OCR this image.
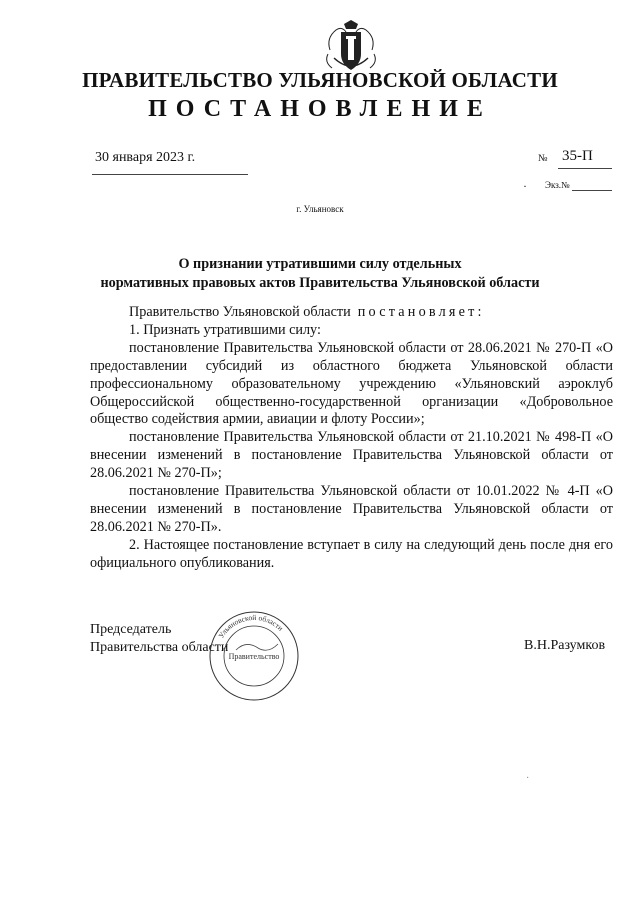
ПРАВИТЕЛЬСТВО УЛЬЯНОВСКОЙ ОБЛАСТИ
ПОСТАНОВЛЕНИЕ
30 января 2023 г.	№ 35-П
· Экз.№
г. Ульяновск
О признании утратившими силу отдельных
нормативных правовых актов Правительства Ульяновской области

Правительство Ульяновской области постановляет:

1. Признать утратившими силу:

постановление Правительства Ульяновской области от 28.06.2021 № 270-П «О предоставлении субсидий из областного бюджета Ульяновской области профессиональному образовательному учреждению «Ульяновский аэроклуб Общероссийской общественно-государственной организации «Добровольное общество содействия армии, авиации и флоту России»;

постановление Правительства Ульяновской области от 21.10.2021 № 498-П «О внесении изменений в постановление Правительства Ульяновской области от 28.06.2021 № 270-П»;

постановление Правительства Ульяновской области от 10.01.2022 № 4-П «О внесении изменений в постановление Правительства Ульяновской области от 28.06.2021 № 270-П».

2. Настоящее постановление вступает в силу на следующий день после дня его официального опубликования.

Председатель
Правительства области
Ульяновской области
Правительство
В.Н.Разумков
·
